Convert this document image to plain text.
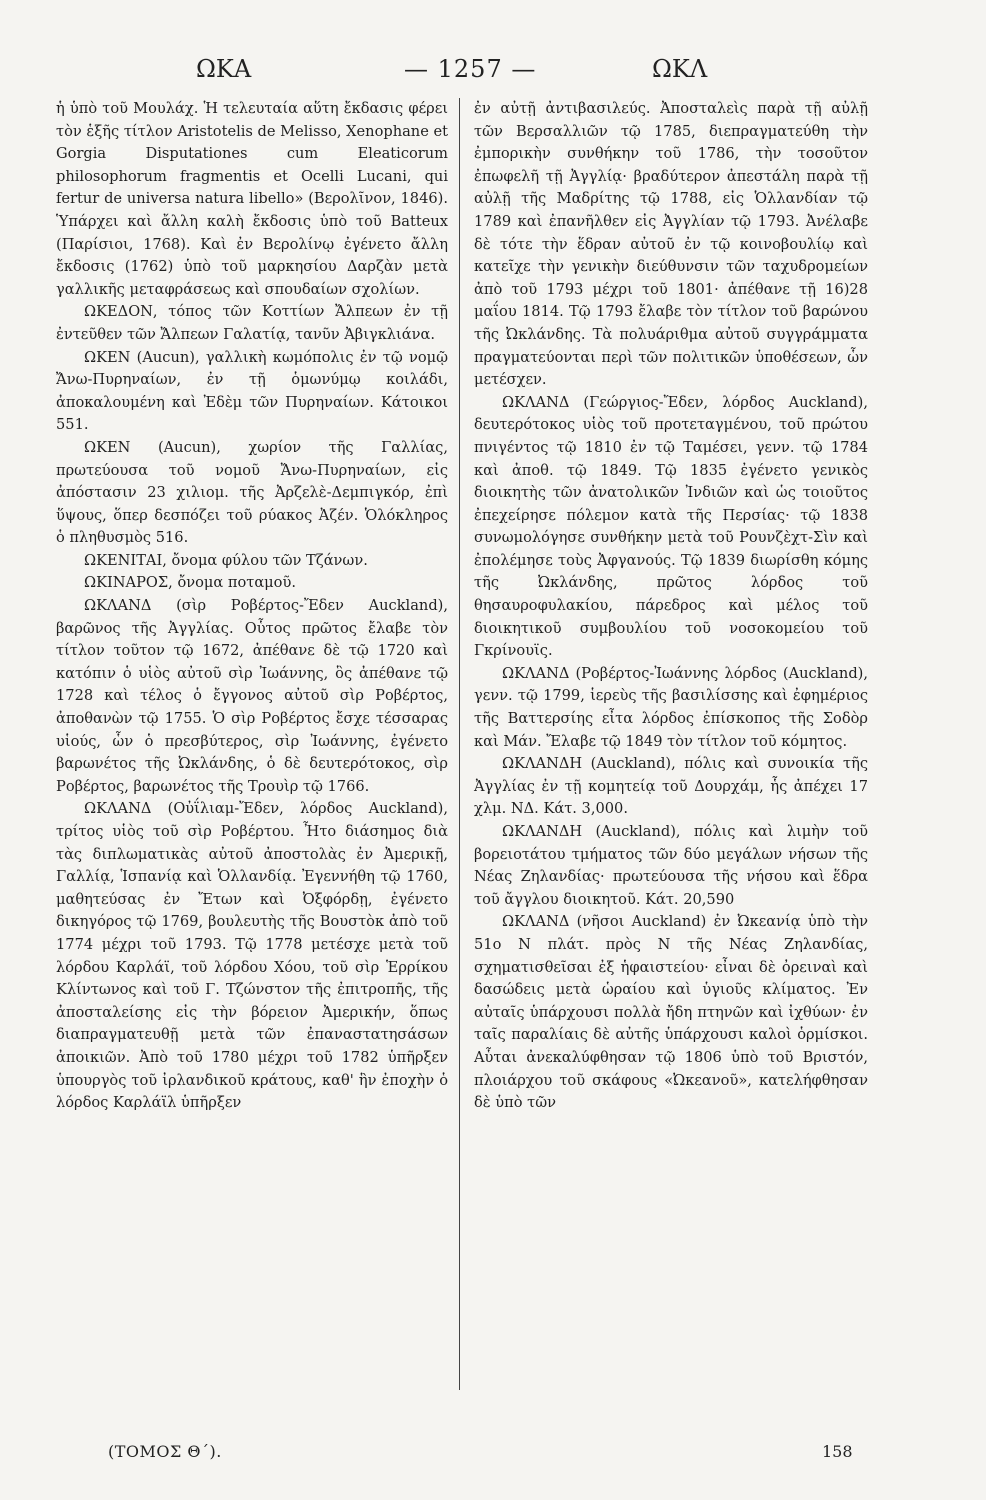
ΩΚΑ	— 1257 —	ΩΚΛ

ἡ ὑπὸ τοῦ Μουλάχ. Ἡ τελευταία αὕτη ἔκδασις φέρει τὸν ἑξῆς τίτλον Aristotelis de Melisso, Xenophane et Gorgia Disputationes cum Eleaticorum philosophorum fragmentis et Ocelli Lucani, qui fertur de universa natura libello» (Βερολῖνον, 1846). Ὑπάρχει καὶ ἄλλη καλὴ ἔκδοσις ὑπὸ τοῦ Batteux (Παρίσιοι, 1768). Καὶ ἐν Βερολίνῳ ἐγένετο ἄλλη ἔκδοσις (1762) ὑπὸ τοῦ μαρκησίου Δαρζὰν μετὰ γαλλικῆς μεταφράσεως καὶ σπουδαίων σχολίων.

ΩΚΕΔΟΝ, τόπος τῶν Κοττίων Ἄλπεων ἐν τῇ ἐντεῦθεν τῶν Ἄλπεων Γαλατίᾳ, τανῦν Ἀβιγκλιάνα.

ΩΚΕΝ (Aucun), γαλλικὴ κωμόπολις ἐν τῷ νομῷ Ἄνω-Πυρηναίων, ἐν τῇ ὁμωνύμῳ κοιλάδι, ἀποκαλουμένη καὶ Ἐδὲμ τῶν Πυρηναίων. Κάτοικοι 551.

ΩΚΕΝ (Aucun), χωρίον τῆς Γαλλίας, πρωτεύουσα τοῦ νομοῦ Ἄνω-Πυρηναίων, εἰς ἀπόστασιν 23 χιλιομ. τῆς Ἀρζελὲ-Δεμπιγκόρ, ἐπὶ ὕψους, ὅπερ δεσπόζει τοῦ ρύακος Ἀζέν. Ὁλόκληρος ὁ πληθυσμὸς 516.

ΩΚΕΝΙΤΑΙ, ὄνομα φύλου τῶν Τζάνων.

ΩΚΙΝΑΡΟΣ, ὄνομα ποταμοῦ.

ΩΚΛΑΝΔ (σὶρ Ροβέρτος-Ἔδεν Auckland), βαρῶνος τῆς Ἀγγλίας. Οὗτος πρῶτος ἔλαβε τὸν τίτλον τοῦτον τῷ 1672, ἀπέθανε δὲ τῷ 1720 καὶ κατόπιν ὁ υἱὸς αὐτοῦ σὶρ Ἰωάννης, ὃς ἀπέθανε τῷ 1728 καὶ τέλος ὁ ἔγγονος αὐτοῦ σὶρ Ροβέρτος, ἀποθανὼν τῷ 1755. Ὁ σὶρ Ροβέρτος ἔσχε τέσσαρας υἱούς, ὧν ὁ πρεσβύτερος, σὶρ Ἰωάννης, ἐγένετο βαρωνέτος τῆς Ὠκλάνδης, ὁ δὲ δευτερότοκος, σὶρ Ροβέρτος, βαρωνέτος τῆς Τρουὶρ τῷ 1766.

ΩΚΛΑΝΔ (Οὐΐλιαμ-Ἔδεν, λόρδος Auckland), τρίτος υἱὸς τοῦ σὶρ Ροβέρτου. Ἦτο διάσημος διὰ τὰς διπλωματικὰς αὐτοῦ ἀποστολὰς ἐν Ἀμερικῇ, Γαλλίᾳ, Ἱσπανίᾳ καὶ Ὁλλανδίᾳ. Ἐγεννήθη τῷ 1760, μαθητεύσας ἐν Ἔτων καὶ Ὀξφόρδῃ, ἐγένετο δικηγόρος τῷ 1769, βουλευτὴς τῆς Βουστὸκ ἀπὸ τοῦ 1774 μέχρι τοῦ 1793. Τῷ 1778 μετέσχε μετὰ τοῦ λόρδου Καρλάϊ, τοῦ λόρδου Χόου, τοῦ σὶρ Ἑρρίκου Κλίντωνος καὶ τοῦ Γ. Τζώνστον τῆς ἐπιτροπῆς, τῆς ἀποσταλείσης εἰς τὴν βόρειον Ἀμερικήν, ὅπως διαπραγματευθῇ μετὰ τῶν ἐπαναστατησάσων ἀποικιῶν. Ἀπὸ τοῦ 1780 μέχρι τοῦ 1782 ὑπῆρξεν ὑπουργὸς τοῦ ἰρλανδικοῦ κράτους, καθ' ἣν ἐποχὴν ὁ λόρδος Καρλάϊλ ὑπῆρξεν

ἐν αὐτῇ ἀντιβασιλεύς. Ἀποσταλεὶς παρὰ τῇ αὐλῇ τῶν Βερσαλλιῶν τῷ 1785, διεπραγματεύθη τὴν ἐμπορικὴν συνθήκην τοῦ 1786, τὴν τοσοῦτον ἐπωφελῆ τῇ Ἀγγλίᾳ· βραδύτερον ἀπεστάλη παρὰ τῇ αὐλῇ τῆς Μαδρίτης τῷ 1788, εἰς Ὁλλανδίαν τῷ 1789 καὶ ἐπανῆλθεν εἰς Ἀγγλίαν τῷ 1793. Ἀνέλαβε δὲ τότε τὴν ἕδραν αὐτοῦ ἐν τῷ κοινοβουλίῳ καὶ κατεῖχε τὴν γενικὴν διεύθυνσιν τῶν ταχυδρομείων ἀπὸ τοῦ 1793 μέχρι τοῦ 1801· ἀπέθανε τῇ 16)28 μαΐου 1814. Τῷ 1793 ἔλαβε τὸν τίτλον τοῦ βαρώνου τῆς Ὠκλάνδης. Τὰ πολυάριθμα αὐτοῦ συγγράμματα πραγματεύονται περὶ τῶν πολιτικῶν ὑποθέσεων, ὧν μετέσχεν.

ΩΚΛΑΝΔ (Γεώργιος-Ἔδεν, λόρδος Auckland), δευτερότοκος υἱὸς τοῦ προτεταγμένου, τοῦ πρώτου πνιγέντος τῷ 1810 ἐν τῷ Ταμέσει, γενν. τῷ 1784 καὶ ἀποθ. τῷ 1849. Τῷ 1835 ἐγένετο γενικὸς διοικητὴς τῶν ἀνατολικῶν Ἰνδιῶν καὶ ὡς τοιοῦτος ἐπεχείρησε πόλεμον κατὰ τῆς Περσίας· τῷ 1838 συνωμολόγησε συνθήκην μετὰ τοῦ Ρουνζὲχτ-Σὶν καὶ ἐπολέμησε τοὺς Ἀφγανούς. Τῷ 1839 διωρίσθη κόμης τῆς Ὠκλάνδης, πρῶτος λόρδος τοῦ θησαυροφυλακίου, πάρεδρος καὶ μέλος τοῦ διοικητικοῦ συμβουλίου τοῦ νοσοκομείου τοῦ Γκρίνουϊς.

ΩΚΛΑΝΔ (Ροβέρτος-Ἰωάννης λόρδος (Auckland), γενν. τῷ 1799, ἱερεὺς τῆς βασιλίσσης καὶ ἐφημέριος τῆς Βαττερσίης εἶτα λόρδος ἐπίσκοπος τῆς Σοδὸρ καὶ Μάν. Ἔλαβε τῷ 1849 τὸν τίτλον τοῦ κόμητος.

ΩΚΛΑΝΔΗ (Auckland), πόλις καὶ συνοικία τῆς Ἀγγλίας ἐν τῇ κομητείᾳ τοῦ Δουρχάμ, ἧς ἀπέχει 17 χλμ. ΝΔ. Κάτ. 3,000.

ΩΚΛΑΝΔΗ (Auckland), πόλις καὶ λιμὴν τοῦ βορειοτάτου τμήματος τῶν δύο μεγάλων νήσων τῆς Νέας Ζηλανδίας· πρωτεύουσα τῆς νήσου καὶ ἕδρα τοῦ ἄγγλου διοικητοῦ. Κάτ. 20,590

ΩΚΛΑΝΔ (νῆσοι Auckland) ἐν Ὠκεανίᾳ ὑπὸ τὴν 51ο Ν πλάτ. πρὸς Ν τῆς Νέας Ζηλανδίας, σχηματισθεῖσαι ἐξ ἡφαιστείου· εἶναι δὲ ὀρειναὶ καὶ δασώδεις μετὰ ὡραίου καὶ ὑγιοῦς κλίματος. Ἐν αὐταῖς ὑπάρχουσι πολλὰ ἤδη πτηνῶν καὶ ἰχθύων· ἐν ταῖς παραλίαις δὲ αὐτῆς ὑπάρχουσι καλοὶ ὁρμίσκοι. Αὗται ἀνεκαλύφθησαν τῷ 1806 ὑπὸ τοῦ Βριστόν, πλοιάρχου τοῦ σκάφους «Ὠκεανοῦ», κατελήφθησαν δὲ ὑπὸ τῶν

(ΤΟΜΟΣ Θ΄).	158
